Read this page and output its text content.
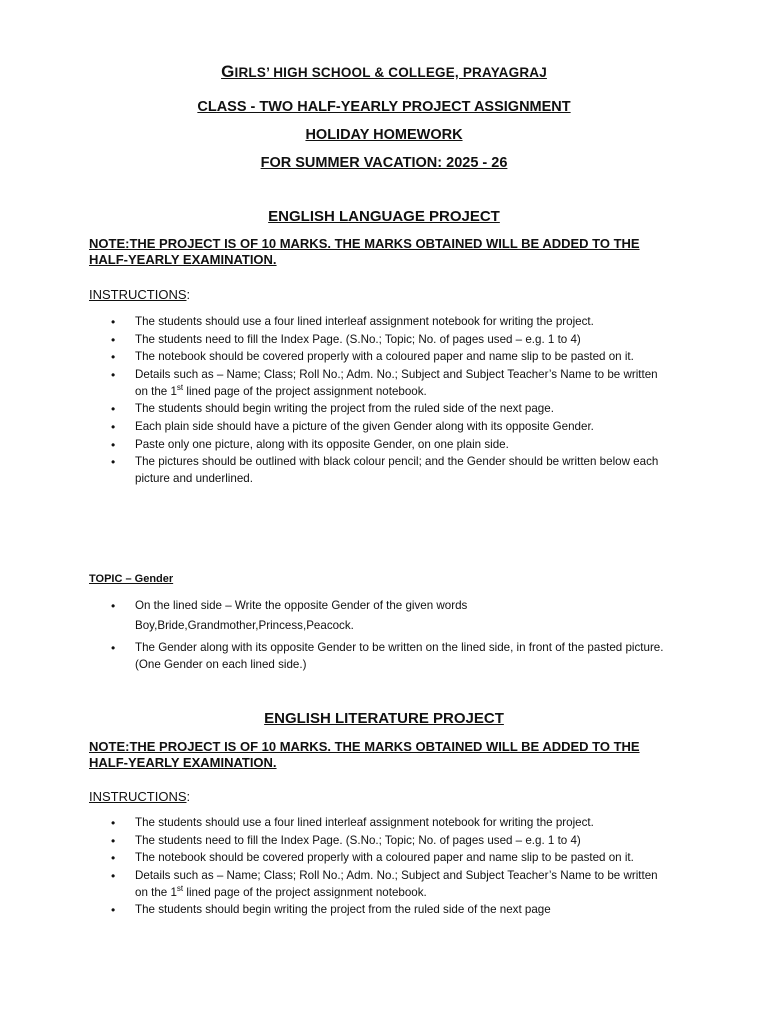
GIRLS’ HIGH SCHOOL & COLLEGE, PRAYAGRAJ
CLASS - TWO HALF-YEARLY PROJECT ASSIGNMENT
HOLIDAY HOMEWORK
FOR SUMMER VACATION: 2025 - 26
ENGLISH LANGUAGE PROJECT
NOTE:THE PROJECT IS OF 10 MARKS. THE MARKS OBTAINED WILL BE ADDED TO THE HALF-YEARLY EXAMINATION.
INSTRUCTIONS:
• The students should use a four lined interleaf assignment notebook for writing the project.
• The students need to fill the Index Page. (S.No.; Topic; No. of pages used – e.g. 1 to 4)
• The notebook should be covered properly with a coloured paper and name slip to be pasted on it.
• Details such as – Name; Class; Roll No.; Adm. No.; Subject and Subject Teacher’s Name to be written on the 1st lined page of the project assignment notebook.
• The students should begin writing the project from the ruled side of the next page.
• Each plain side should have a picture of the given Gender along with its opposite Gender.
• Paste only one picture, along with its opposite Gender, on one plain side.
• The pictures should be outlined with black colour pencil; and the Gender should be written below each picture and underlined.
TOPIC – Gender
• On the lined side – Write the opposite Gender of the given words
Boy,Bride,Grandmother,Princess,Peacock.
• The Gender along with its opposite Gender to be written on the lined side, in front of the pasted picture. (One Gender on each lined side.)
ENGLISH LITERATURE PROJECT
NOTE:THE PROJECT IS OF 10 MARKS. THE MARKS OBTAINED WILL BE ADDED TO THE HALF-YEARLY EXAMINATION.
INSTRUCTIONS:
• The students should use a four lined interleaf assignment notebook for writing the project.
• The students need to fill the Index Page. (S.No.; Topic; No. of pages used – e.g. 1 to 4)
• The notebook should be covered properly with a coloured paper and name slip to be pasted on it.
• Details such as – Name; Class; Roll No.; Adm. No.; Subject and Subject Teacher’s Name to be written on the 1st lined page of the project assignment notebook.
• The students should begin writing the project from the ruled side of the next page
